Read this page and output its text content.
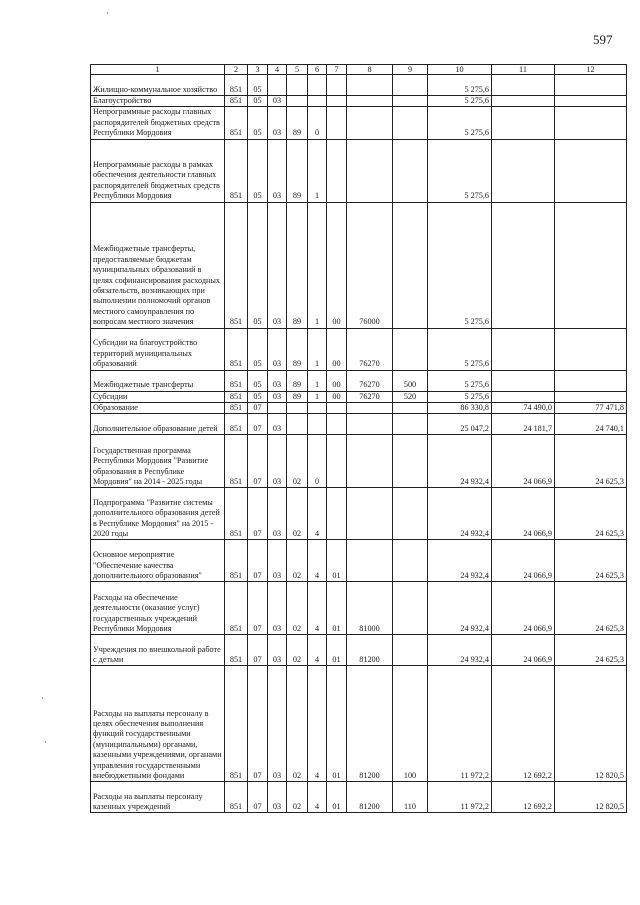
597
1	2	3	4	5	6	7	8	9	10	11	12
Жилищно-коммунальное хозяйство	851	05							5 275,6		
Благоустройство	851	05	03						5 275,6		
Непрограммные расходы главных распорядителей бюджетных средств Республики Мордовия	851	05	03	89	0				5 275,6		
Непрограммные расходы в рамках обеспечения деятельности главных распорядителей бюджетных средств Республики Мордовия	851	05	03	89	1				5 275,6		
Межбюджетные трансферты, предоставляемые бюджетам муниципальных образований в целях софинансирования расходных обязательств, возникающих при выполнении полномочий органов местного самоуправления по вопросам местного значения	851	05	03	89	1	00	76000		5 275,6		
Субсидии на благоустройство территорий муниципальных образований	851	05	03	89	1	00	76270		5 275,6		
Межбюджетные трансферты	851	05	03	89	1	00	76270	500	5 275,6		
Субсидии	851	05	03	89	1	00	76270	520	5 275,6		
Образование	851	07							86 330,8	74 490,0	77 471,8
Дополнительное образование детей	851	07	03						25 047,2	24 181,7	24 740,1
Государственная программа Республики Мордовия "Развитие образования в Республике Мордовия" на 2014 - 2025 годы	851	07	03	02	0				24 932,4	24 066,9	24 625,3
Подпрограмма "Развитие системы дополнительного образования детей в Республике Мордовия" на 2015 - 2020 годы	851	07	03	02	4				24 932,4	24 066,9	24 625,3
Основное мероприятие "Обеспечение качества дополнительного образования"	851	07	03	02	4	01			24 932,4	24 066,9	24 625,3
Расходы на обеспечение деятельности (оказание услуг) государственных учреждений Республики Мордовия	851	07	03	02	4	01	81000		24 932,4	24 066,9	24 625,3
Учреждения по внешкольной работе с детьми	851	07	03	02	4	01	81200		24 932,4	24 066,9	24 625,3
Расходы на выплаты персоналу в целях обеспечения выполнения функций государственными (муниципальными) органами, казенными учреждениями, органами управления государственными внебюджетными фондами	851	07	03	02	4	01	81200	100	11 972,2	12 692,2	12 820,5
Расходы на выплаты персоналу казенных учреждений	851	07	03	02	4	01	81200	110	11 972,2	12 692,2	12 820,5
